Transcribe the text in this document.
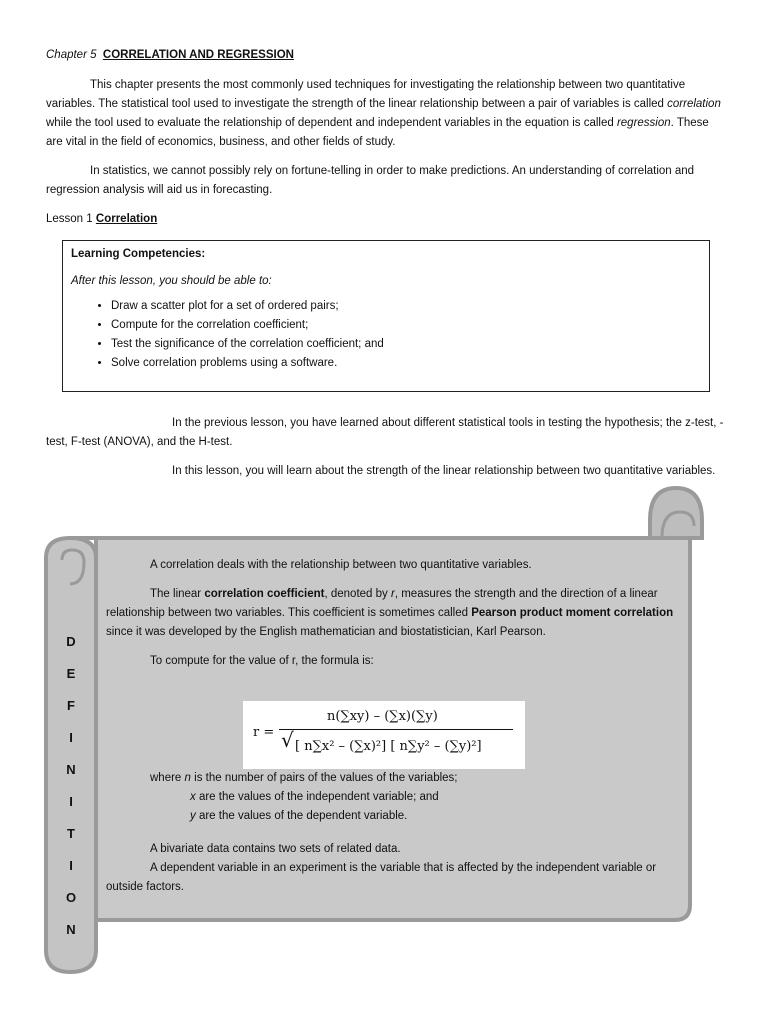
Chapter 5 CORRELATION AND REGRESSION

This chapter presents the most commonly used techniques for investigating the relationship between two quantitative variables. The statistical tool used to investigate the strength of the linear relationship between a pair of variables is called correlation while the tool used to evaluate the relationship of dependent and independent variables in the equation is called regression. These are vital in the field of economics, business, and other fields of study.

In statistics, we cannot possibly rely on fortune-telling in order to make predictions. An understanding of correlation and regression analysis will aid us in forecasting.

Lesson 1 Correlation
Learning Competencies:
After this lesson, you should be able to:
• Draw a scatter plot for a set of ordered pairs;
• Compute for the correlation coefficient;
• Test the significance of the correlation coefficient; and
• Solve correlation problems using a software.

In the previous lesson, you have learned about different statistical tools in testing the hypothesis; the z-test, -test, F-test (ANOVA), and the H-test.

In this lesson, you will learn about the strength of the linear relationship between two quantitative variables.

D
E
F
I
N
I
T
I
O
N

A correlation deals with the relationship between two quantitative variables.

The linear correlation coefficient, denoted by r, measures the strength and the direction of a linear relationship between two variables. This coefficient is sometimes called Pearson product moment correlation since it was developed by the English mathematician and biostatistician, Karl Pearson.

To compute for the value of r, the formula is:

where n is the number of pairs of the values of the variables;

x are the values of the independent variable; and

y are the values of the dependent variable.

A bivariate data contains two sets of related data.

A dependent variable in an experiment is the variable that is affected by the independent variable or outside factors.

r =
n(∑xy) – (∑x)(∑y)
√ [ n∑x² – (∑x)²] [ n∑y² – (∑y)²]
